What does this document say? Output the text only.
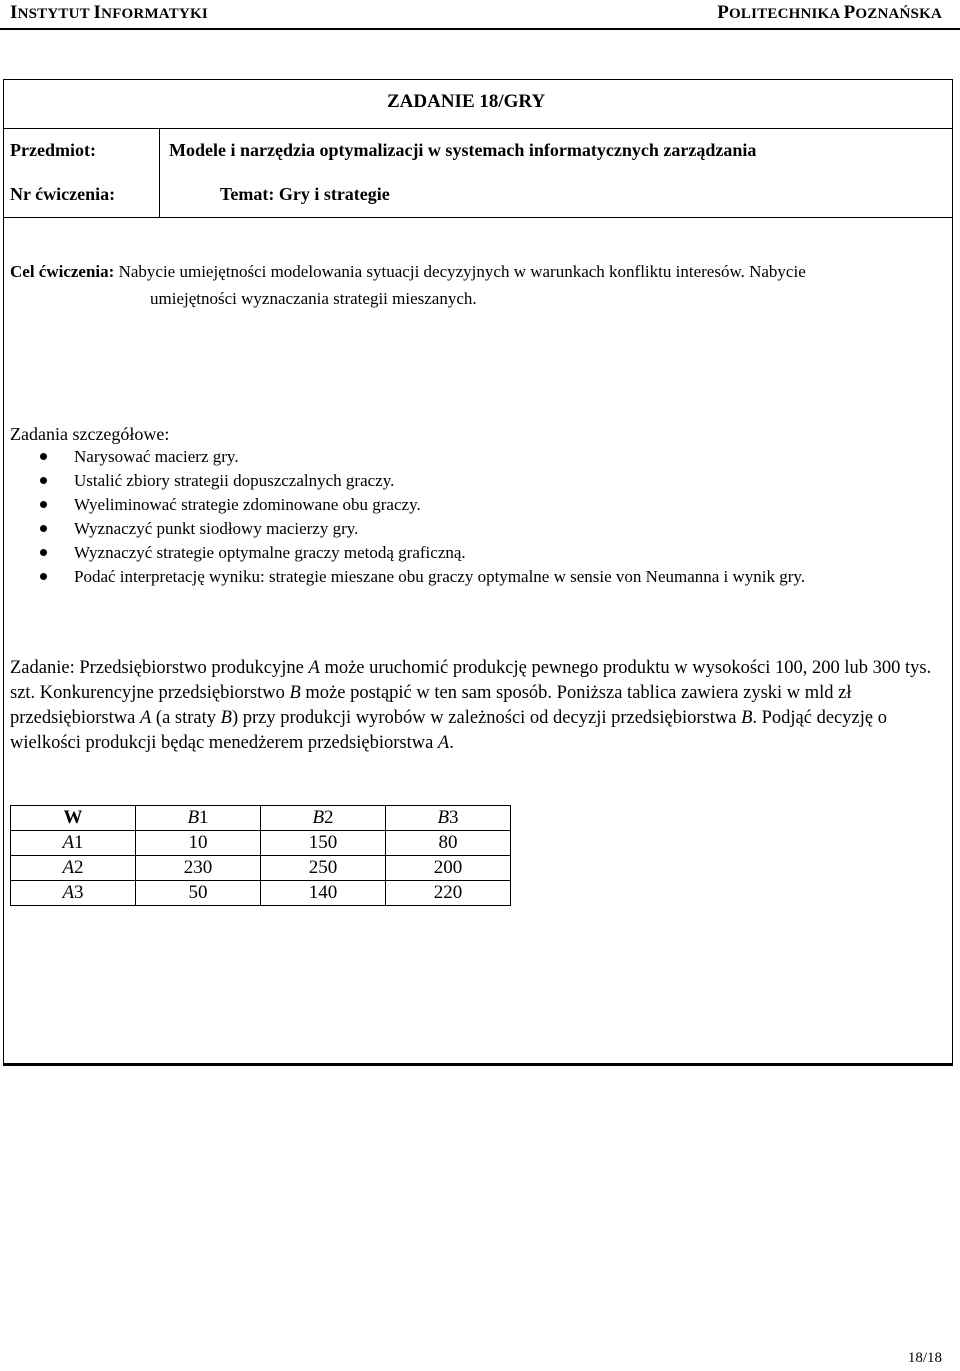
INSTYTUT INFORMATYKI	POLITECHNIKA POZNAŃSKA
ZADANIE 18/GRY
Przedmiot:	Modele i narzędzia optymalizacji w systemach informatycznych zarządzania
Nr ćwiczenia:	Temat: Gry i strategie
Cel ćwiczenia: Nabycie umiejętności modelowania sytuacji decyzyjnych w warunkach konfliktu interesów. Nabycie
umiejętności wyznaczania strategii mieszanych.
Zadania szczegółowe:
Narysować macierz gry.
Ustalić zbiory strategii dopuszczalnych graczy.
Wyeliminować strategie zdominowane obu graczy.
Wyznaczyć punkt siodłowy macierzy gry.
Wyznaczyć strategie optymalne graczy metodą graficzną.
Podać interpretację wyniku: strategie mieszane obu graczy optymalne w sensie von Neumanna i wynik gry.
Zadanie: Przedsiębiorstwo produkcyjne A może uruchomić produkcję pewnego produktu w wysokości 100, 200 lub 300 tys. szt. Konkurencyjne przedsiębiorstwo B może postąpić w ten sam sposób. Poniższa tablica zawiera zyski w mld zł przedsiębiorstwa A (a straty B) przy produkcji wyrobów w zależności od decyzji przedsiębiorstwa B. Podjąć decyzję o wielkości produkcji będąc menedżerem przedsiębiorstwa A.
W	B1	B2	B3
A1	10	150	80
A2	230	250	200
A3	50	140	220
18/18
